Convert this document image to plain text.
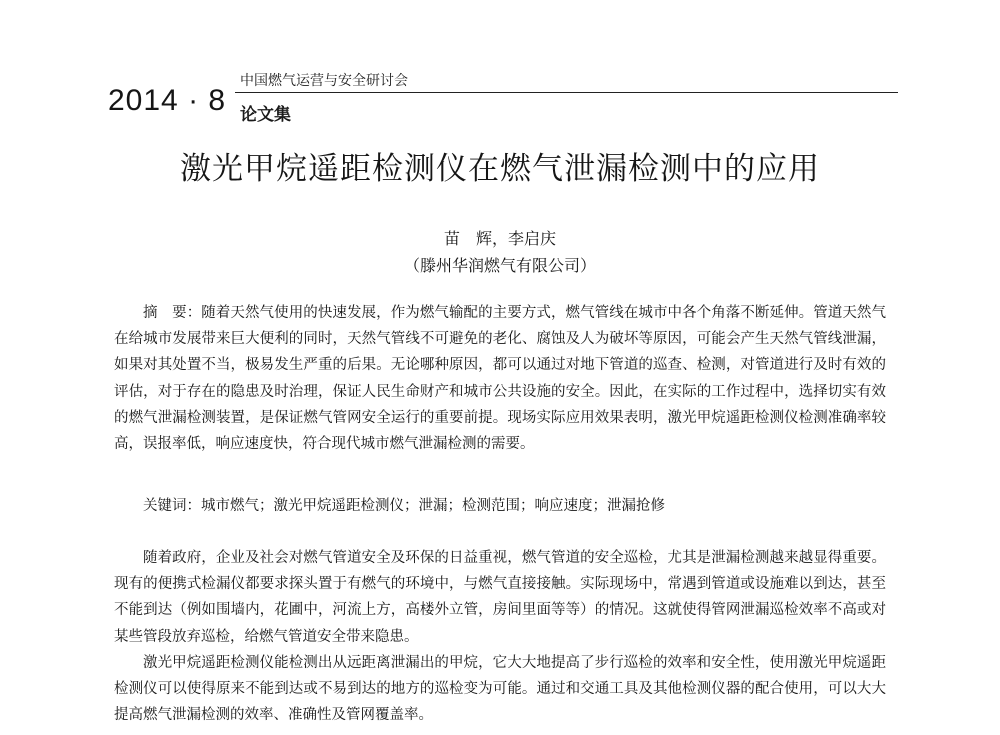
2014 · 8
中国燃气运营与安全研讨会
论文集
激光甲烷遥距检测仪在燃气泄漏检测中的应用
苗　辉，李启庆
（滕州华润燃气有限公司）

摘　要：随着天然气使用的快速发展，作为燃气输配的主要方式，燃气管线在城市中各个角落不断延伸。管道天然气在给城市发展带来巨大便利的同时，天然气管线不可避免的老化、腐蚀及人为破坏等原因，可能会产生天然气管线泄漏，如果对其处置不当，极易发生严重的后果。无论哪种原因，都可以通过对地下管道的巡查、检测，对管道进行及时有效的评估，对于存在的隐患及时治理，保证人民生命财产和城市公共设施的安全。因此，在实际的工作过程中，选择切实有效的燃气泄漏检测装置，是保证燃气管网安全运行的重要前提。现场实际应用效果表明，激光甲烷遥距检测仪检测准确率较高，误报率低，响应速度快，符合现代城市燃气泄漏检测的需要。

关键词：城市燃气；激光甲烷遥距检测仪；泄漏；检测范围；响应速度；泄漏抢修

随着政府，企业及社会对燃气管道安全及环保的日益重视，燃气管道的安全巡检，尤其是泄漏检测越来越显得重要。现有的便携式检漏仪都要求探头置于有燃气的环境中，与燃气直接接触。实际现场中，常遇到管道或设施难以到达，甚至不能到达（例如围墙内，花圃中，河流上方，高楼外立管，房间里面等等）的情况。这就使得管网泄漏巡检效率不高或对某些管段放弃巡检，给燃气管道安全带来隐患。

激光甲烷遥距检测仪能检测出从远距离泄漏出的甲烷，它大大地提高了步行巡检的效率和安全性，使用激光甲烷遥距检测仪可以使得原来不能到达或不易到达的地方的巡检变为可能。通过和交通工具及其他检测仪器的配合使用，可以大大提高燃气泄漏检测的效率、准确性及管网覆盖率。
